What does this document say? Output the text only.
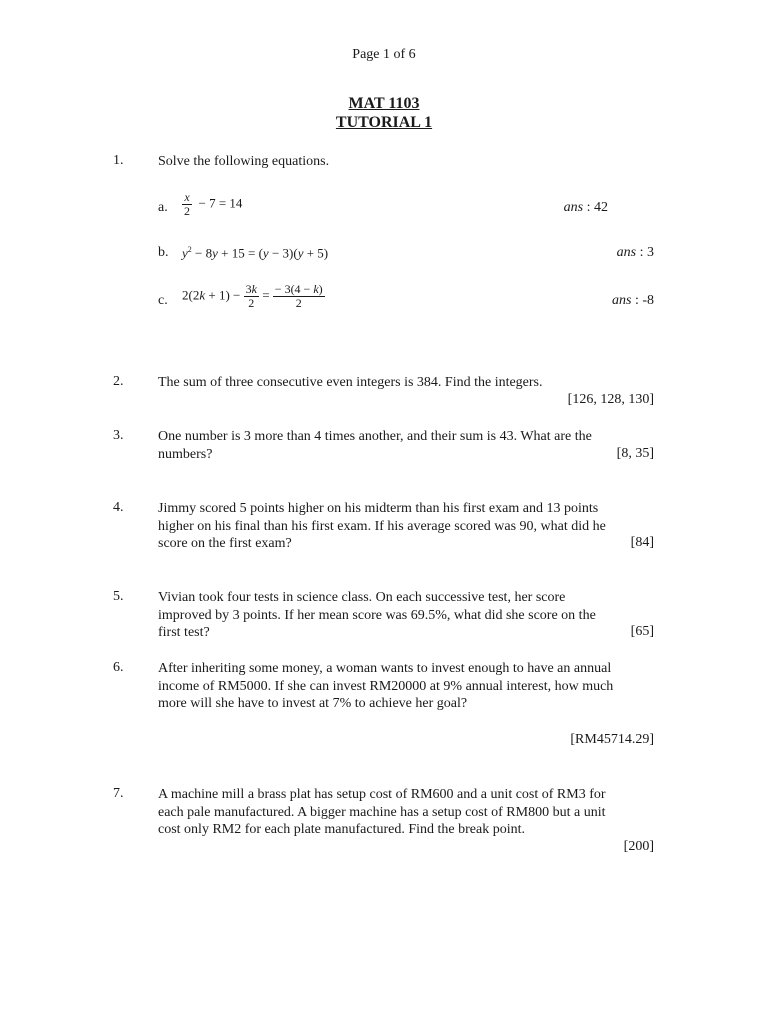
Page 1 of 6
MAT 1103
TUTORIAL 1
1. Solve the following equations.
a. $\frac{x}{2} - 7 = 14$	ans : 42
b. $y^2 - 8y + 15 = (y - 3)(y + 5)$	ans : 3
c. $2(2k + 1) - \frac{3k}{2} = \frac{- 3(4 - k)}{2}$	ans : -8
2. The sum of three consecutive even integers is 384. Find the integers.
[126, 128, 130]
3. One number is 3 more than 4 times another, and their sum is 43. What are the
numbers?	[8, 35]
4. Jimmy scored 5 points higher on his midterm than his first exam and 13 points
higher on his final than his first exam. If his average scored was 90, what did he
score on the first exam?	[84]
5. Vivian took four tests in science class. On each successive test, her score
improved by 3 points. If her mean score was 69.5%, what did she score on the
first test?	[65]
6. After inheriting some money, a woman wants to invest enough to have an annual
income of RM5000. If she can invest RM20000 at 9% annual interest, how much
more will she have to invest at 7% to achieve her goal?
[RM45714.29]
7. A machine mill a brass plat has setup cost of RM600 and a unit cost of RM3 for
each pale manufactured. A bigger machine has a setup cost of RM800 but a unit
cost only RM2 for each plate manufactured. Find the break point.
[200]
